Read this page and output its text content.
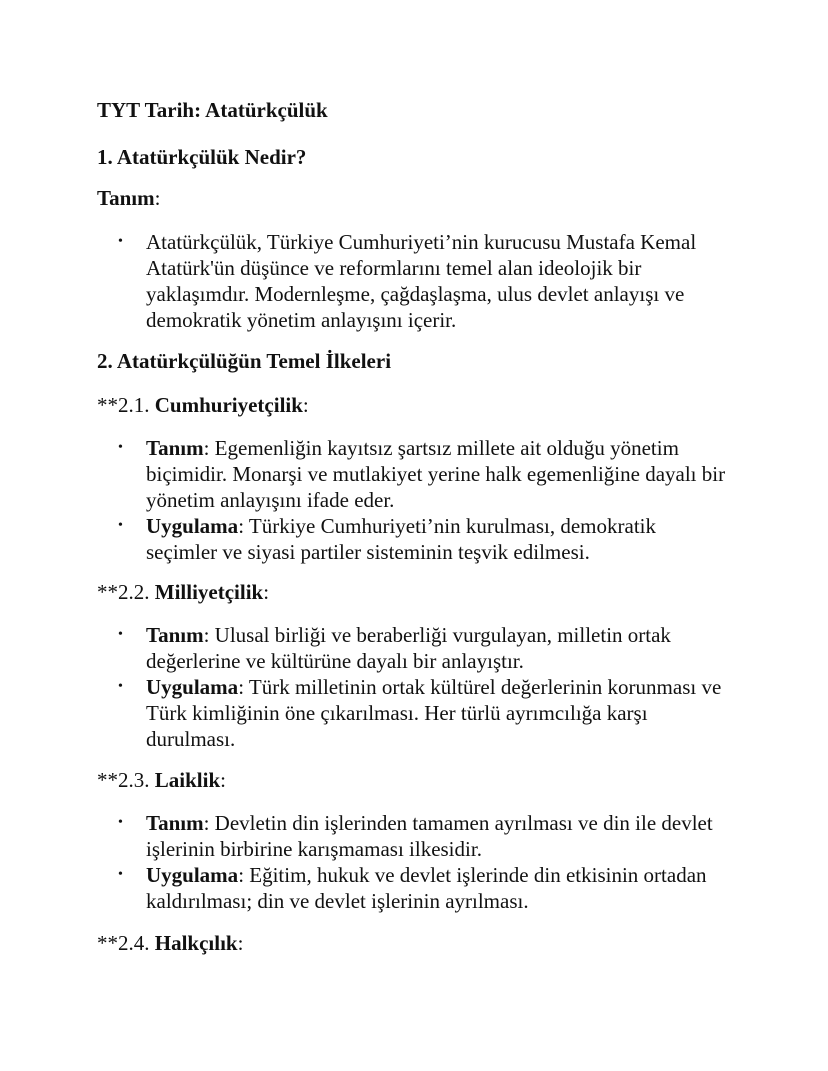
TYT Tarih: Atatürkçülük
1. Atatürkçülük Nedir?

Tanım:

• Atatürkçülük, Türkiye Cumhuriyeti’nin kurucusu Mustafa Kemal Atatürk'ün düşünce ve reformlarını temel alan ideolojik bir yaklaşımdır. Modernleşme, çağdaşlaşma, ulus devlet anlayışı ve demokratik yönetim anlayışını içerir.
2. Atatürkçülüğün Temel İlkeleri

**2.1. Cumhuriyetçilik:

• Tanım: Egemenliğin kayıtsız şartsız millete ait olduğu yönetim biçimidir. Monarşi ve mutlakiyet yerine halk egemenliğine dayalı bir yönetim anlayışını ifade eder.
• Uygulama: Türkiye Cumhuriyeti’nin kurulması, demokratik seçimler ve siyasi partiler sisteminin teşvik edilmesi.

**2.2. Milliyetçilik:

• Tanım: Ulusal birliği ve beraberliği vurgulayan, milletin ortak değerlerine ve kültürüne dayalı bir anlayıştır.
• Uygulama: Türk milletinin ortak kültürel değerlerinin korunması ve Türk kimliğinin öne çıkarılması. Her türlü ayrımcılığa karşı durulması.

**2.3. Laiklik:

• Tanım: Devletin din işlerinden tamamen ayrılması ve din ile devlet işlerinin birbirine karışmaması ilkesidir.
• Uygulama: Eğitim, hukuk ve devlet işlerinde din etkisinin ortadan kaldırılması; din ve devlet işlerinin ayrılması.

**2.4. Halkçılık:
